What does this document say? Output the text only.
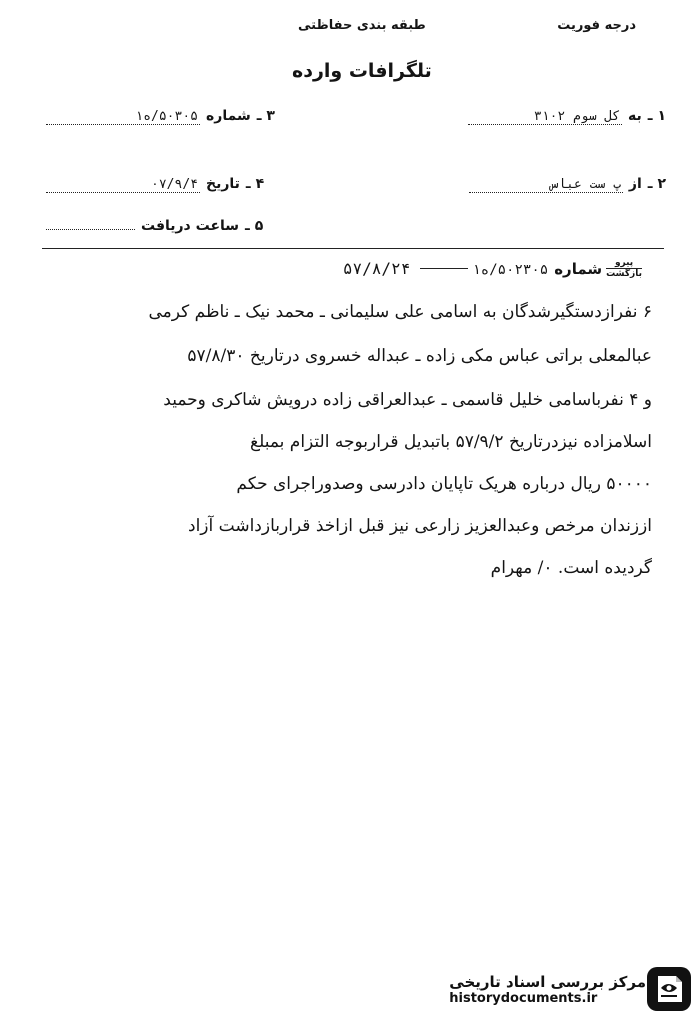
درجه فوریت
طبقه بندی حفاظتی
تلگرافات وارده
۱ ـ
به
کل سوم ۳۱۰۲
۳ ـ
شماره
۵۰۳۰۵/ه۱
۲ ـ
از
پ ست عباس
۴ ـ
تاریخ
۰۷/۹/۴
۵ ـ
ساعت دریافت
پیرو
بازگشت
شماره
۵۰۲۳۰۵/ه۱
۵۷/۸/۲۴
۶ نفرازدستگیرشدگان به اسامی علی سلیمانی ـ محمد نیک ـ ناظم کرمی
عبالمعلی براتی عباس مکی زاده ـ عبداله خسروی درتاریخ ۵۷/۸/۳۰
و ۴ نفرباسامی خلیل قاسمی ـ عبدالعراقی زاده درویش شاکری وحمید
اسلامزاده نیزدرتاریخ ۵۷/۹/۲ باتبدیل قراربوجه التزام بمبلغ
۵۰۰۰۰ ریال درباره هریک تاپایان دادرسی وصدوراجرای حکم
اززندان مرخص وعبدالعزیز زارعی نیز قبل ازاخذ قراربازداشت آزاد
گردیده است. ۰/ مهرام
مرکز بررسی اسناد تاریخی
historydocuments.ir
